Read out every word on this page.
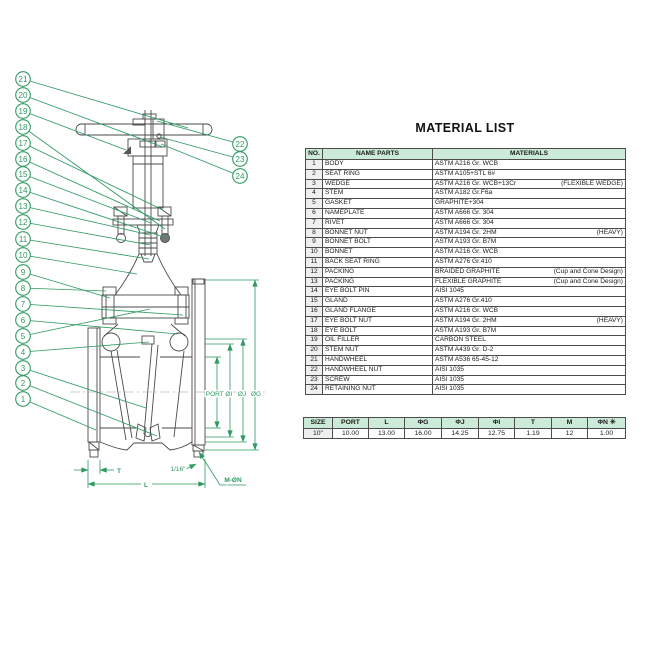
PORT ØI ØJ ØG
T
L
1/16"
M-ØN
1
2
3
4
5
6
7
8
9
10
11
12
13
14
15
16
17
18
19
20
21
22
23
24
MATERIAL LIST
NO.	NAME PARTS	MATERIALS
1	BODY	ASTM A216 Gr. WCB

2	SEAT RING	ASTM A105+STL 6#

3	WEDGE	ASTM A216 Gr. WCB+13Cr (FLEXIBLE WEDGE)

4	STEM	ASTM A182 Gr.F6a

5	GASKET	GRAPHITE+304

6	NAMEPLATE	ASTM A666 Gr. 304

7	RIVET	ASTM A666 Gr. 304

8	BONNET NUT	ASTM A194 Gr. 2HM (HEAVY)

9	BONNET BOLT	ASTM A193 Gr. B7M

10	BONNET	ASTM A216 Gr. WCB

11	BACK SEAT RING	ASTM A276 Gr.410

12	PACKING	BRAIDED GRAPHITE (Cup and Cone Design)

13	PACKING	FLEXIBLE GRAPHITE (Cup and Cone Design)

14	EYE BOLT PIN	AISI 1045

15	GLAND	ASTM A276 Gr.410

16	GLAND FLANGE	ASTM A216 Gr. WCB

17	EYE BOLT NUT	ASTM A194 Gr. 2HM (HEAVY)

18	EYE BOLT	ASTM A193 Gr. B7M

19	OIL FILLER	CARBON STEEL

20	STEM NUT	ASTM A439 Gr. D-2

21	HANDWHEEL	ASTM A536 65-45-12

22	HANDWHEEL NUT	AISI 1035

23	SCREW	AISI 1035

24	RETAINING NUT	AISI 1035
SIZE	PORT	L	ΦG	ΦJ	ΦI	T	M	ΦN ✳
10"	10.00	13.00	16.00	14.25	12.75	1.19	12	1.00
